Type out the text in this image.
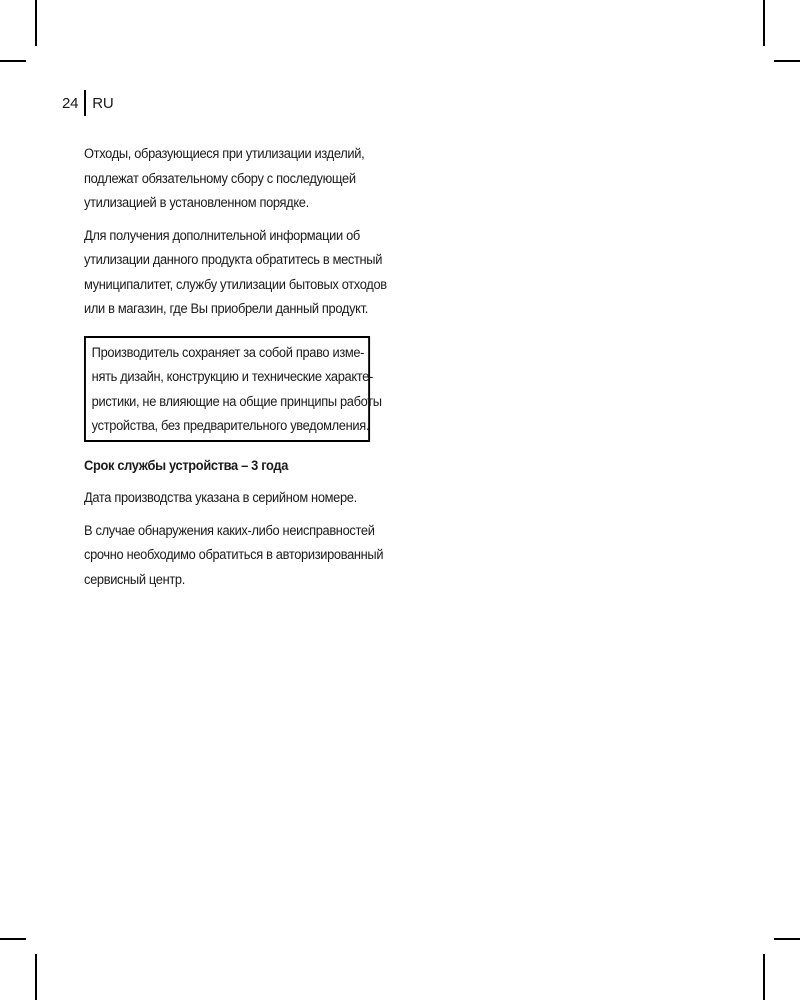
24 RU

Отходы, образующиеся при утилизации изделий,
подлежат обязательному сбору с последующей
утилизацией в установленном порядке.

Для получения дополнительной информации об
утилизации данного продукта обратитесь в местный
муниципалитет, службу утилизации бытовых отходов
или в магазин, где Вы приобрели данный продукт.

Производитель сохраняет за собой право изме-
нять дизайн, конструкцию и технические характе-
ристики, не влияющие на общие принципы работы
устройства, без предварительного уведомления.

Срок службы устройства – 3 года

Дата производства указана в серийном номере.

В случае обнаружения каких-либо неисправностей
срочно необходимо обратиться в авторизированный
сервисный центр.
